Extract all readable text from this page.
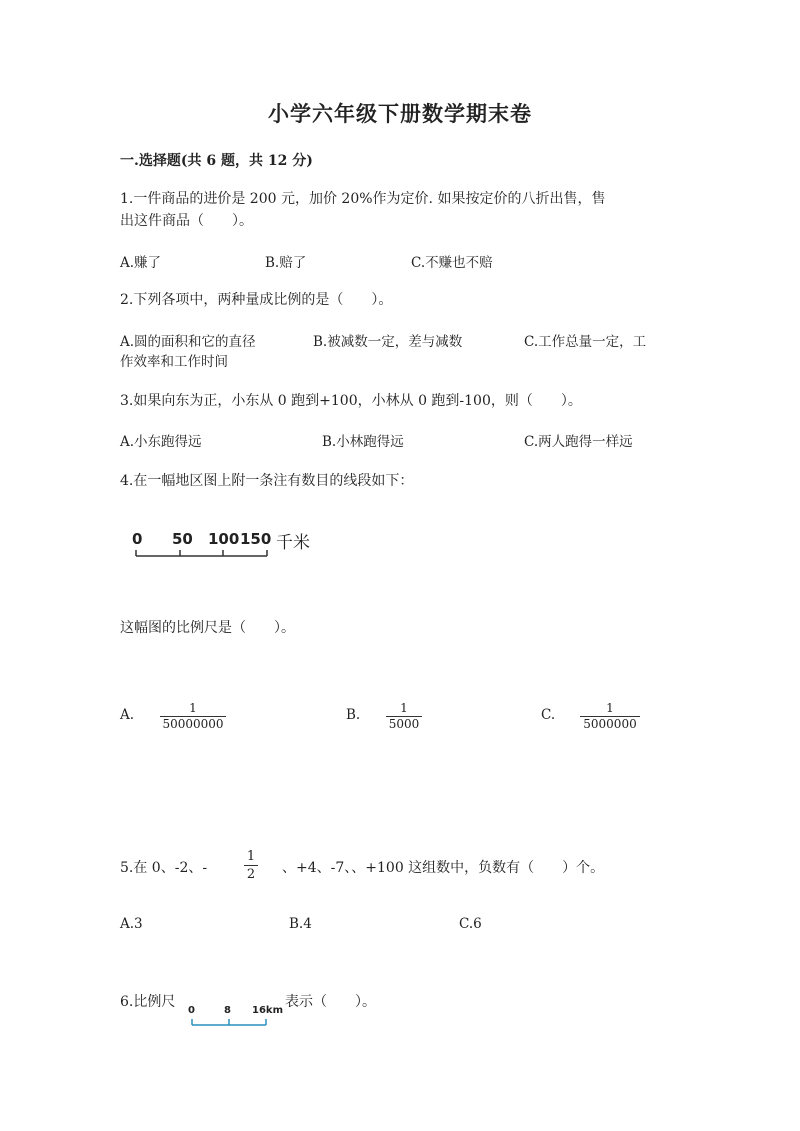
小学六年级下册数学期末卷
一.选择题(共 6 题，共 12 分)
1.一件商品的进价是 200 元，加价 20%作为定价. 如果按定价的八折出售，售
出这件商品（　　）。
A.赚了	B.赔了	C.不赚也不赔
2.下列各项中，两种量成比例的是（　　）。
A.圆的面积和它的直径	B.被减数一定，差与减数	C.工作总量一定，工
作效率和工作时间
3.如果向东为正，小东从 0 跑到+100，小林从 0 跑到-100，则（　　）。
A.小东跑得远	B.小林跑得远	C.两人跑得一样远
4.在一幅地区图上附一条注有数目的线段如下：
0 50 100 150 千米
这幅图的比例尺是（　　）。
A.	1
50000000
B.	1
5000
C.	1
5000000
5.在 0、-2、-
1
2 、+4、-7、、+100 这组数中，负数有（　　）个。
A.3	B.4	C.6
6.比例尺
0	8 16km
表示（　　）。
